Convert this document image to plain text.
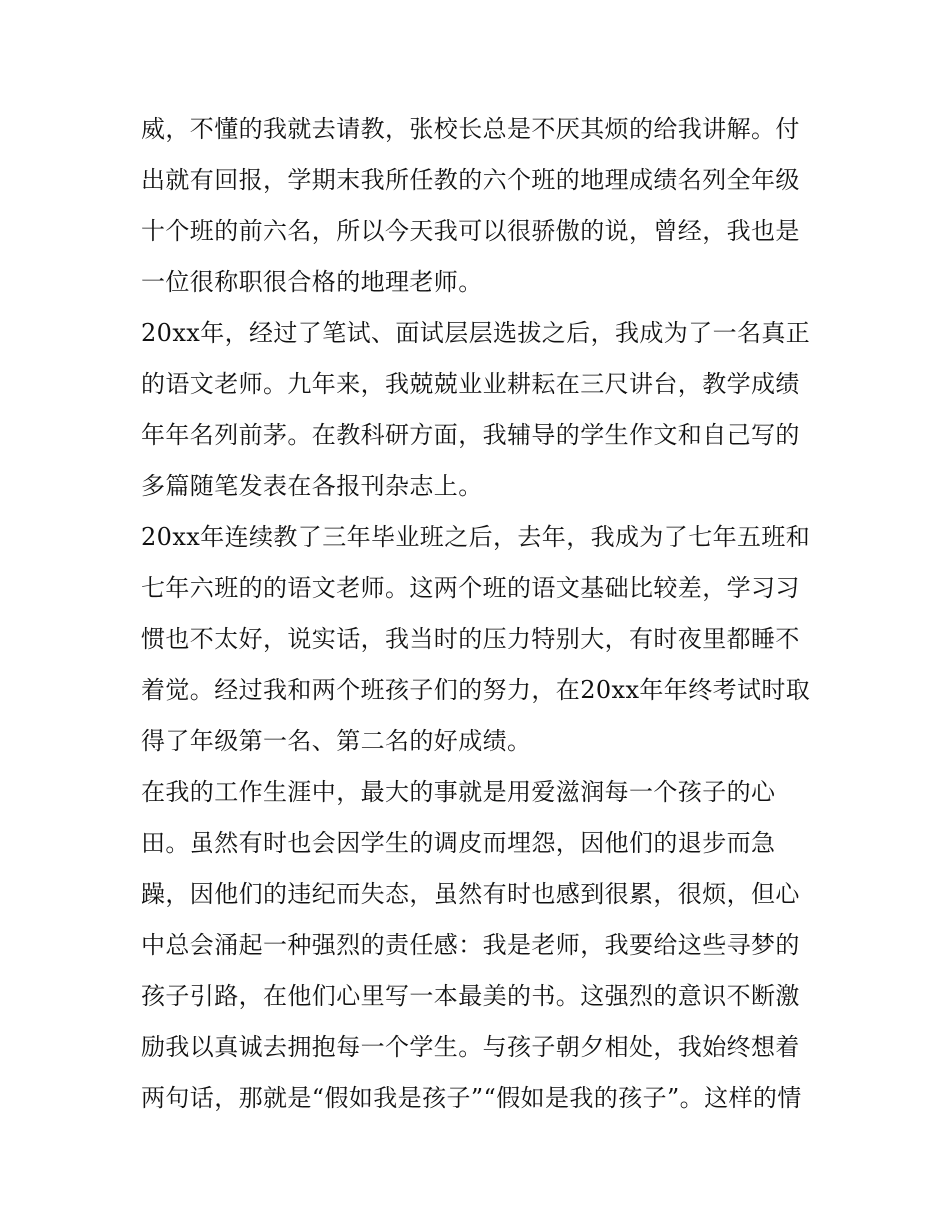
威，不懂的我就去请教，张校长总是不厌其烦的给我讲解。付出就有回报，学期末我所任教的六个班的地理成绩名列全年级十个班的前六名，所以今天我可以很骄傲的说，曾经，我也是一位很称职很合格的地理老师。

20xx年，经过了笔试、面试层层选拔之后，我成为了一名真正的语文老师。九年来，我兢兢业业耕耘在三尺讲台，教学成绩年年名列前茅。在教科研方面，我辅导的学生作文和自己写的多篇随笔发表在各报刊杂志上。

20xx年连续教了三年毕业班之后，去年，我成为了七年五班和七年六班的的语文老师。这两个班的语文基础比较差，学习习惯也不太好，说实话，我当时的压力特别大，有时夜里都睡不着觉。经过我和两个班孩子们的努力，在20xx年年终考试时取得了年级第一名、第二名的好成绩。

在我的工作生涯中，最大的事就是用爱滋润每一个孩子的心田。虽然有时也会因学生的调皮而埋怨，因他们的退步而急躁，因他们的违纪而失态，虽然有时也感到很累，很烦，但心中总会涌起一种强烈的责任感：我是老师，我要给这些寻梦的孩子引路，在他们心里写一本最美的书。这强烈的意识不断激励我以真诚去拥抱每一个学生。与孩子朝夕相处，我始终想着两句话，那就是“假如我是孩子”“假如是我的孩子”。这样的情
